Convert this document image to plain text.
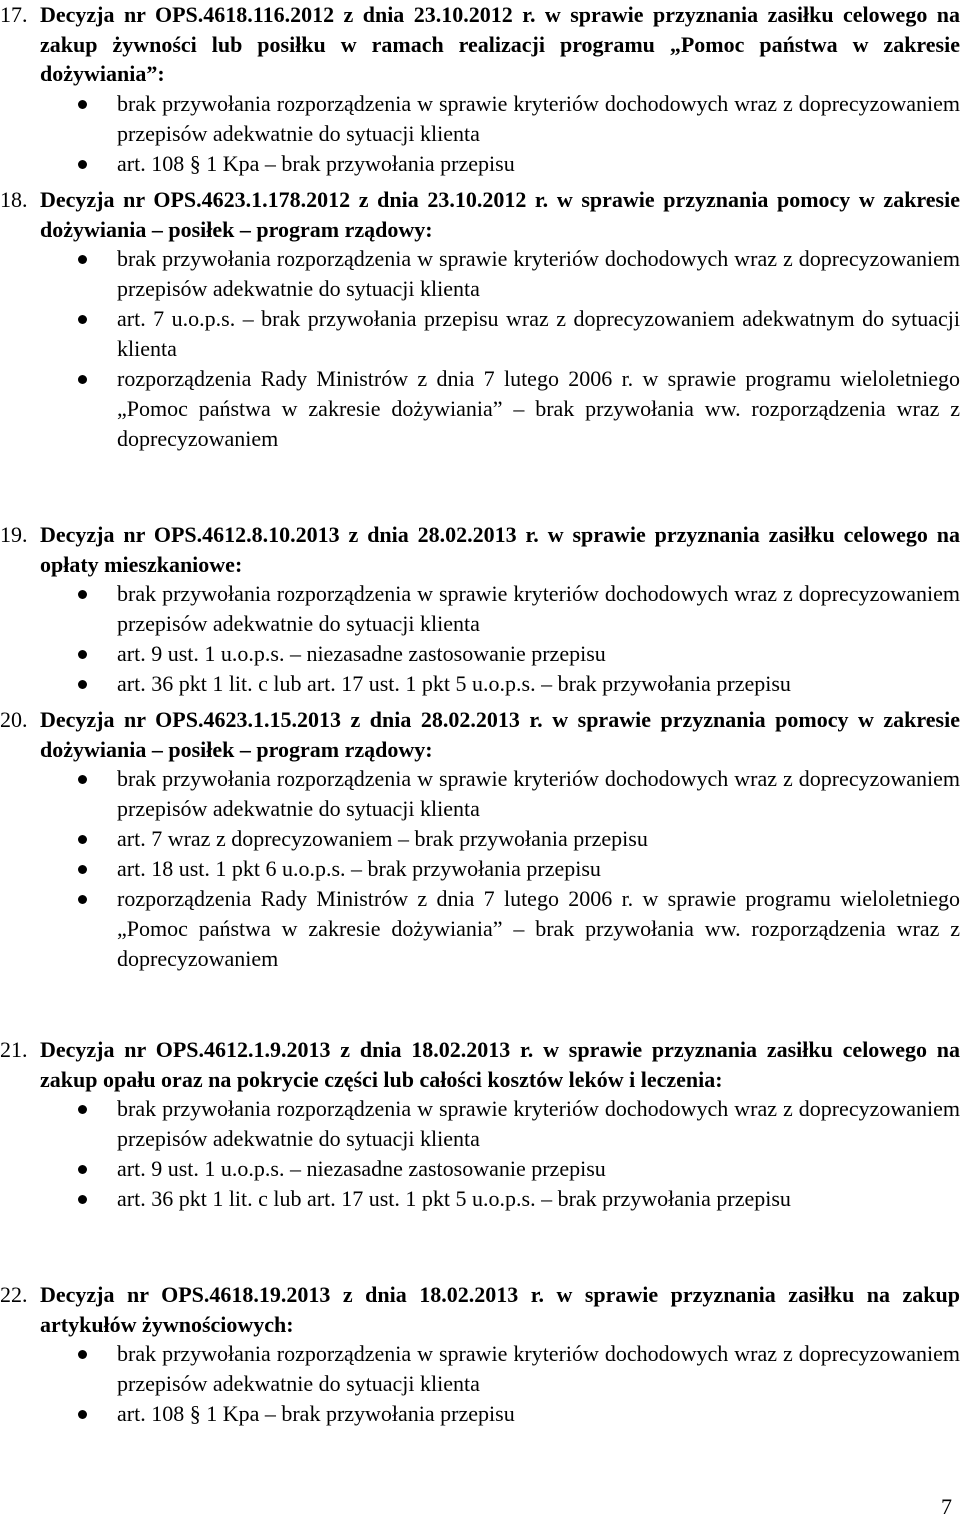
17. Decyzja nr OPS.4618.116.2012 z dnia 23.10.2012 r. w sprawie przyznania zasiłku celowego na zakup żywności lub posiłku w ramach realizacji programu „Pomoc państwa w zakresie dożywiania”:
brak przywołania rozporządzenia w sprawie kryteriów dochodowych wraz z doprecyzowaniem przepisów adekwatnie do sytuacji klienta
art. 108 § 1 Kpa – brak przywołania przepisu
18. Decyzja nr OPS.4623.1.178.2012 z dnia 23.10.2012 r. w sprawie przyznania pomocy w zakresie dożywiania – posiłek – program rządowy:
brak przywołania rozporządzenia w sprawie kryteriów dochodowych wraz z doprecyzowaniem przepisów adekwatnie do sytuacji klienta
art. 7 u.o.p.s. – brak przywołania przepisu wraz z doprecyzowaniem adekwatnym do sytuacji klienta
rozporządzenia Rady Ministrów z dnia 7 lutego 2006 r. w sprawie programu wieloletniego „Pomoc państwa w zakresie dożywiania” – brak przywołania ww. rozporządzenia wraz z doprecyzowaniem
19. Decyzja nr OPS.4612.8.10.2013 z dnia 28.02.2013 r. w sprawie przyznania zasiłku celowego na opłaty mieszkaniowe:
brak przywołania rozporządzenia w sprawie kryteriów dochodowych wraz z doprecyzowaniem przepisów adekwatnie do sytuacji klienta
art. 9 ust. 1 u.o.p.s. – niezasadne zastosowanie przepisu
art. 36 pkt 1 lit. c lub art. 17 ust. 1 pkt 5 u.o.p.s. – brak przywołania przepisu
20. Decyzja nr OPS.4623.1.15.2013 z dnia 28.02.2013 r. w sprawie przyznania pomocy w zakresie dożywiania – posiłek – program rządowy:
brak przywołania rozporządzenia w sprawie kryteriów dochodowych wraz z doprecyzowaniem przepisów adekwatnie do sytuacji klienta
art. 7 wraz z doprecyzowaniem – brak przywołania przepisu
art. 18 ust. 1 pkt 6 u.o.p.s. – brak przywołania przepisu
rozporządzenia Rady Ministrów z dnia 7 lutego 2006 r. w sprawie programu wieloletniego „Pomoc państwa w zakresie dożywiania” – brak przywołania ww. rozporządzenia wraz z doprecyzowaniem
21. Decyzja nr OPS.4612.1.9.2013 z dnia 18.02.2013 r. w sprawie przyznania zasiłku celowego na zakup opału oraz na pokrycie części lub całości kosztów leków i leczenia:
brak przywołania rozporządzenia w sprawie kryteriów dochodowych wraz z doprecyzowaniem przepisów adekwatnie do sytuacji klienta
art. 9 ust. 1 u.o.p.s. – niezasadne zastosowanie przepisu
art. 36 pkt 1 lit. c lub art. 17 ust. 1 pkt 5 u.o.p.s. – brak przywołania przepisu
22. Decyzja nr OPS.4618.19.2013 z dnia 18.02.2013 r. w sprawie przyznania zasiłku na zakup artykułów żywnościowych:
brak przywołania rozporządzenia w sprawie kryteriów dochodowych wraz z doprecyzowaniem przepisów adekwatnie do sytuacji klienta
art. 108 § 1 Kpa – brak przywołania przepisu
7
